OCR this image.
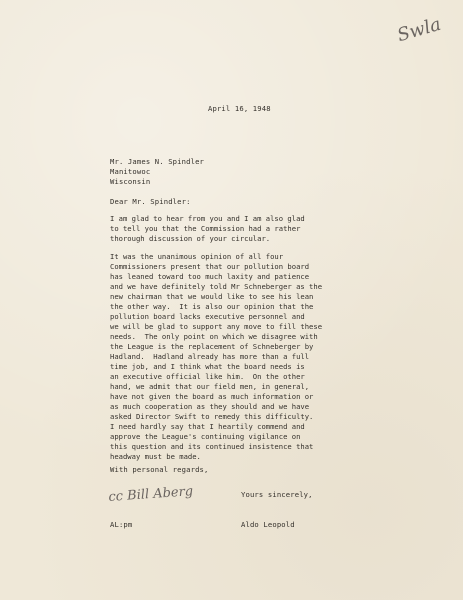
Swla
April 16, 1948
Mr. James N. Spindler
Manitowoc
Wisconsin
Dear Mr. Spindler:
I am glad to hear from you and I am also glad
to tell you that the Commission had a rather
thorough discussion of your circular.
It was the unanimous opinion of all four
Commissioners present that our pollution board
has leaned toward too much laxity and patience
and we have definitely told Mr Schneberger as the
new chairman that we would like to see his lean
the other way.  It is also our opinion that the
pollution board lacks executive personnel and
we will be glad to support any move to fill these
needs.  The only point on which we disagree with
the League is the replacement of Schneberger by
Hadland.  Hadland already has more than a full
time job, and I think what the board needs is
an executive official like him.  On the other
hand, we admit that our field men, in general,
have not given the board as much information or
as much cooperation as they should and we have
asked Director Swift to remedy this difficulty.
I need hardly say that I heartily commend and
approve the League's continuing vigilance on
this question and its continued insistence that
headway must be made.
With personal regards,
cc Bill Aberg	Yours sincerely,
AL:pm	Aldo Leopold
